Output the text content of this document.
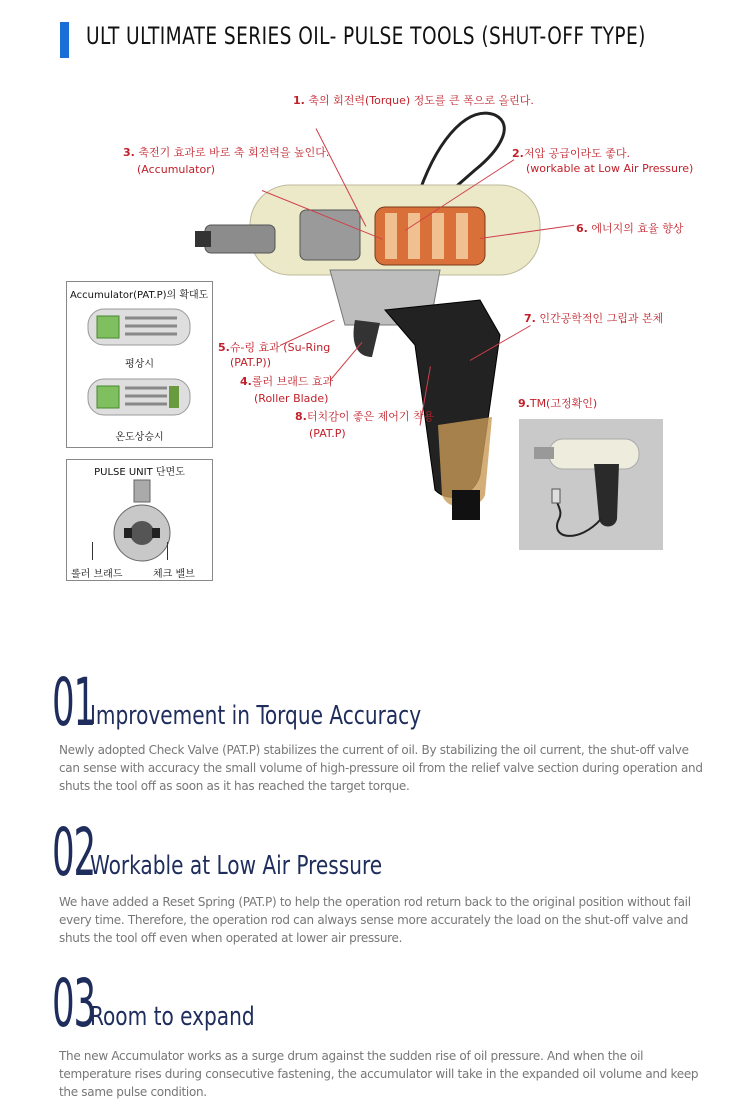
ULT ULTIMATE SERIES OIL- PULSE TOOLS (SHUT-OFF TYPE)
1. 축의 회전력(Torque) 정도를 큰 폭으로 올린다.
2.저압 공급이라도 좋다.
(workable at Low Air Pressure)
3. 축전기 효과로 바로 축 회전력을 높인다.
(Accumulator)
6. 에너지의 효율 향상
7. 인간공학적인 그립과 본체
5.슈-링 효과 (Su-Ring
(PAT.P))
4.롤러 브래드 효과
(Roller Blade)
8.터치감이 좋은 제어기 착용
(PAT.P)
9.TM(고정확인)
Accumulator(PAT.P)의 확대도
평상시
온도상승시
PULSE UNIT 단면도
롤러 브래드	체크 밸브
01
Improvement in Torque Accuracy
Newly adopted Check Valve (PAT.P) stabilizes the current of oil. By stabilizing the oil current, the shut-off valve can sense with accuracy the small volume of high-pressure oil from the relief valve section during operation and shuts the tool off as soon as it has reached the target torque.
02
Workable at Low Air Pressure
We have added a Reset Spring (PAT.P) to help the operation rod return back to the original position without fail every time. Therefore, the operation rod can always sense more accurately the load on the shut-off valve and shuts the tool off even when operated at lower air pressure.
03
Room to expand
The new Accumulator works as a surge drum against the sudden rise of oil pressure. And when the oil temperature rises during consecutive fastening, the accumulator will take in the expanded oil volume and keep the same pulse condition.
